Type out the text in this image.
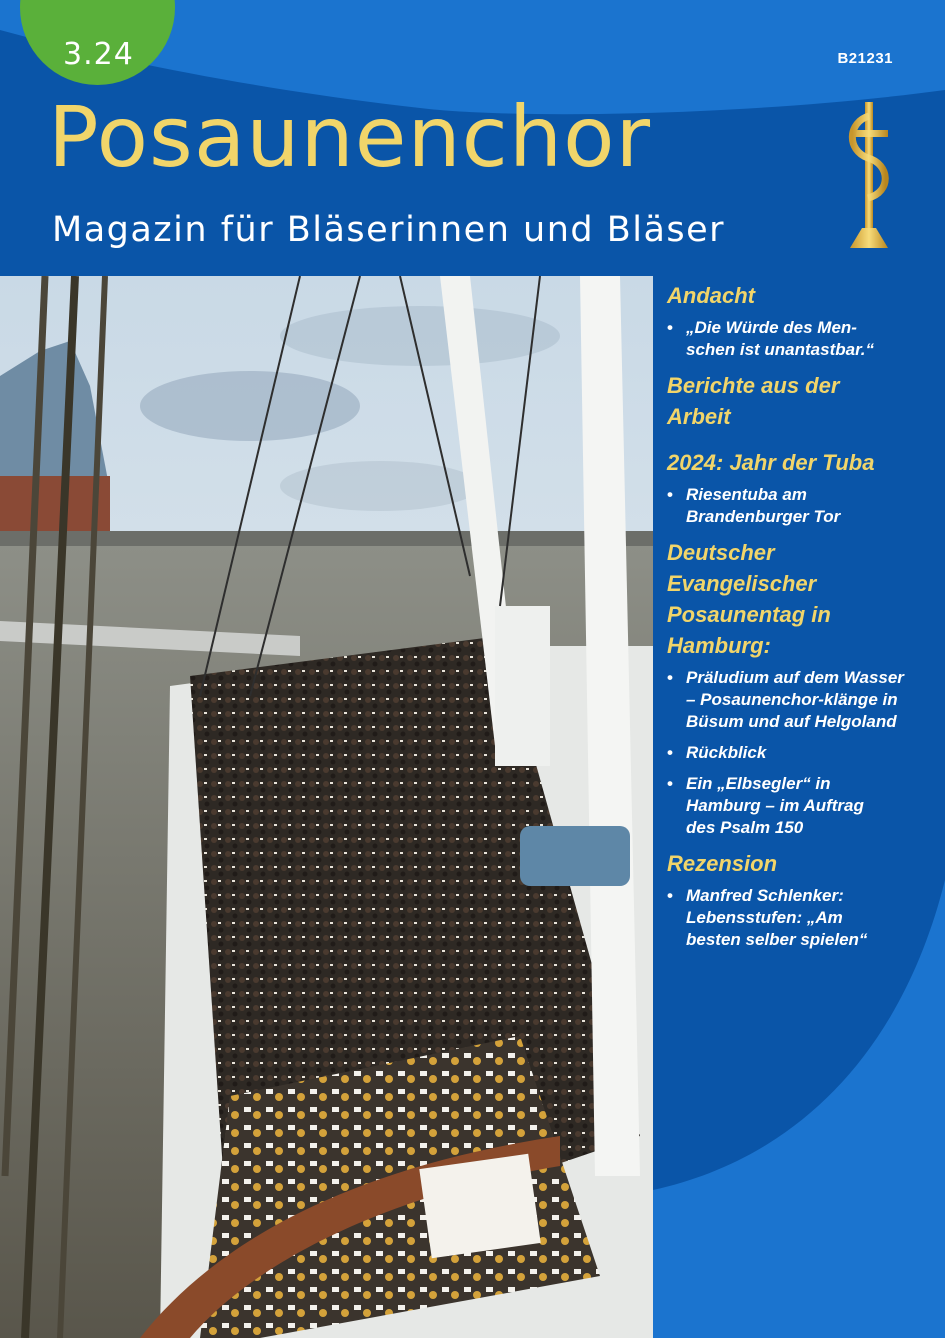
3.24	B21231
Posaunenchor
Magazin für Bläserinnen und Bläser
Andacht
• „Die Würde des Men-schen ist unantastbar.“
Berichte aus der Arbeit
2024: Jahr der Tuba
• Riesentuba am Brandenburger Tor
Deutscher Evangelischer Posaunentag in Hamburg:
• Präludium auf dem Wasser – Posaunenchor-klänge in Büsum und auf Helgoland
• Rückblick
• Ein „Elbsegler“ in Hamburg – im Auftrag des Psalm 150
Rezension
• Manfred Schlenker: Lebensstufen: „Am besten selber spielen“
